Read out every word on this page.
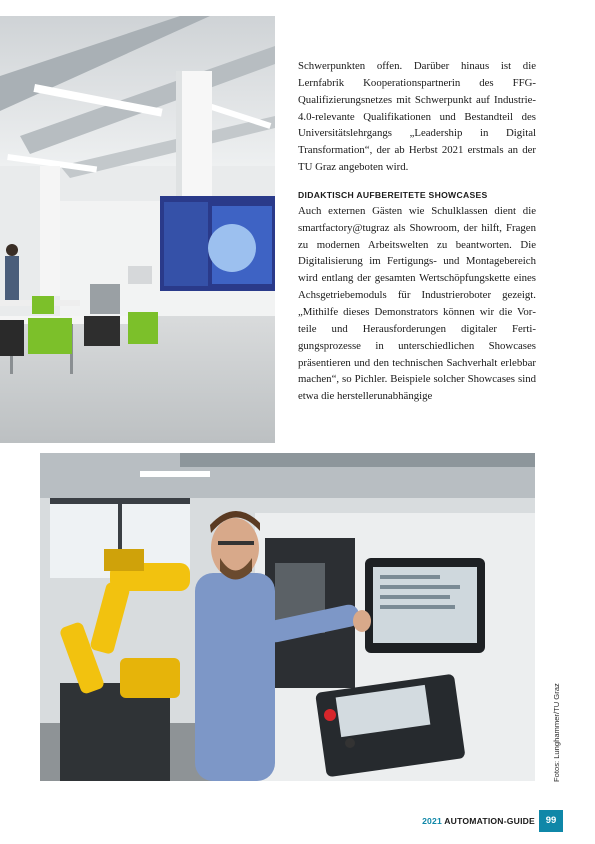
Schwerpunkten offen. Darüber hinaus ist die Lernfabrik Kooperationspartnerin des FFG-Qualifizierungsnetzes mit Schwerpunkt auf Industrie-4.0-relevante Qualifikationen und Bestandteil des Universitätslehrgangs „Leadership in Digital Transformation“, der ab Herbst 2021 erstmals an der TU Graz angeboten wird.

DIDAKTISCH AUFBEREITETE SHOWCASES

Auch externen Gästen wie Schulklassen dient die smartfactory@tugraz als Showroom, der hilft, Fragen zu modernen Arbeitswelten zu beantworten. Die Digitalisierung im Fertigungs- und Montagebereich wird entlang der gesamten Wertschöpfungskette eines Achsgetriebemoduls für Industrieroboter gezeigt. „Mithilfe dieses Demonstrators können wir die Vorteile und Herausforderungen digitaler Fertigungsprozesse in unterschiedlichen Showcases präsentieren und den technischen Sachverhalt erlebbar machen“, so Pichler. Beispiele solcher Showcases sind etwa die herstellerunabhängige

Fotos: Lunghammer/TU Graz
2021 AUTOMATION-GUIDE	99
